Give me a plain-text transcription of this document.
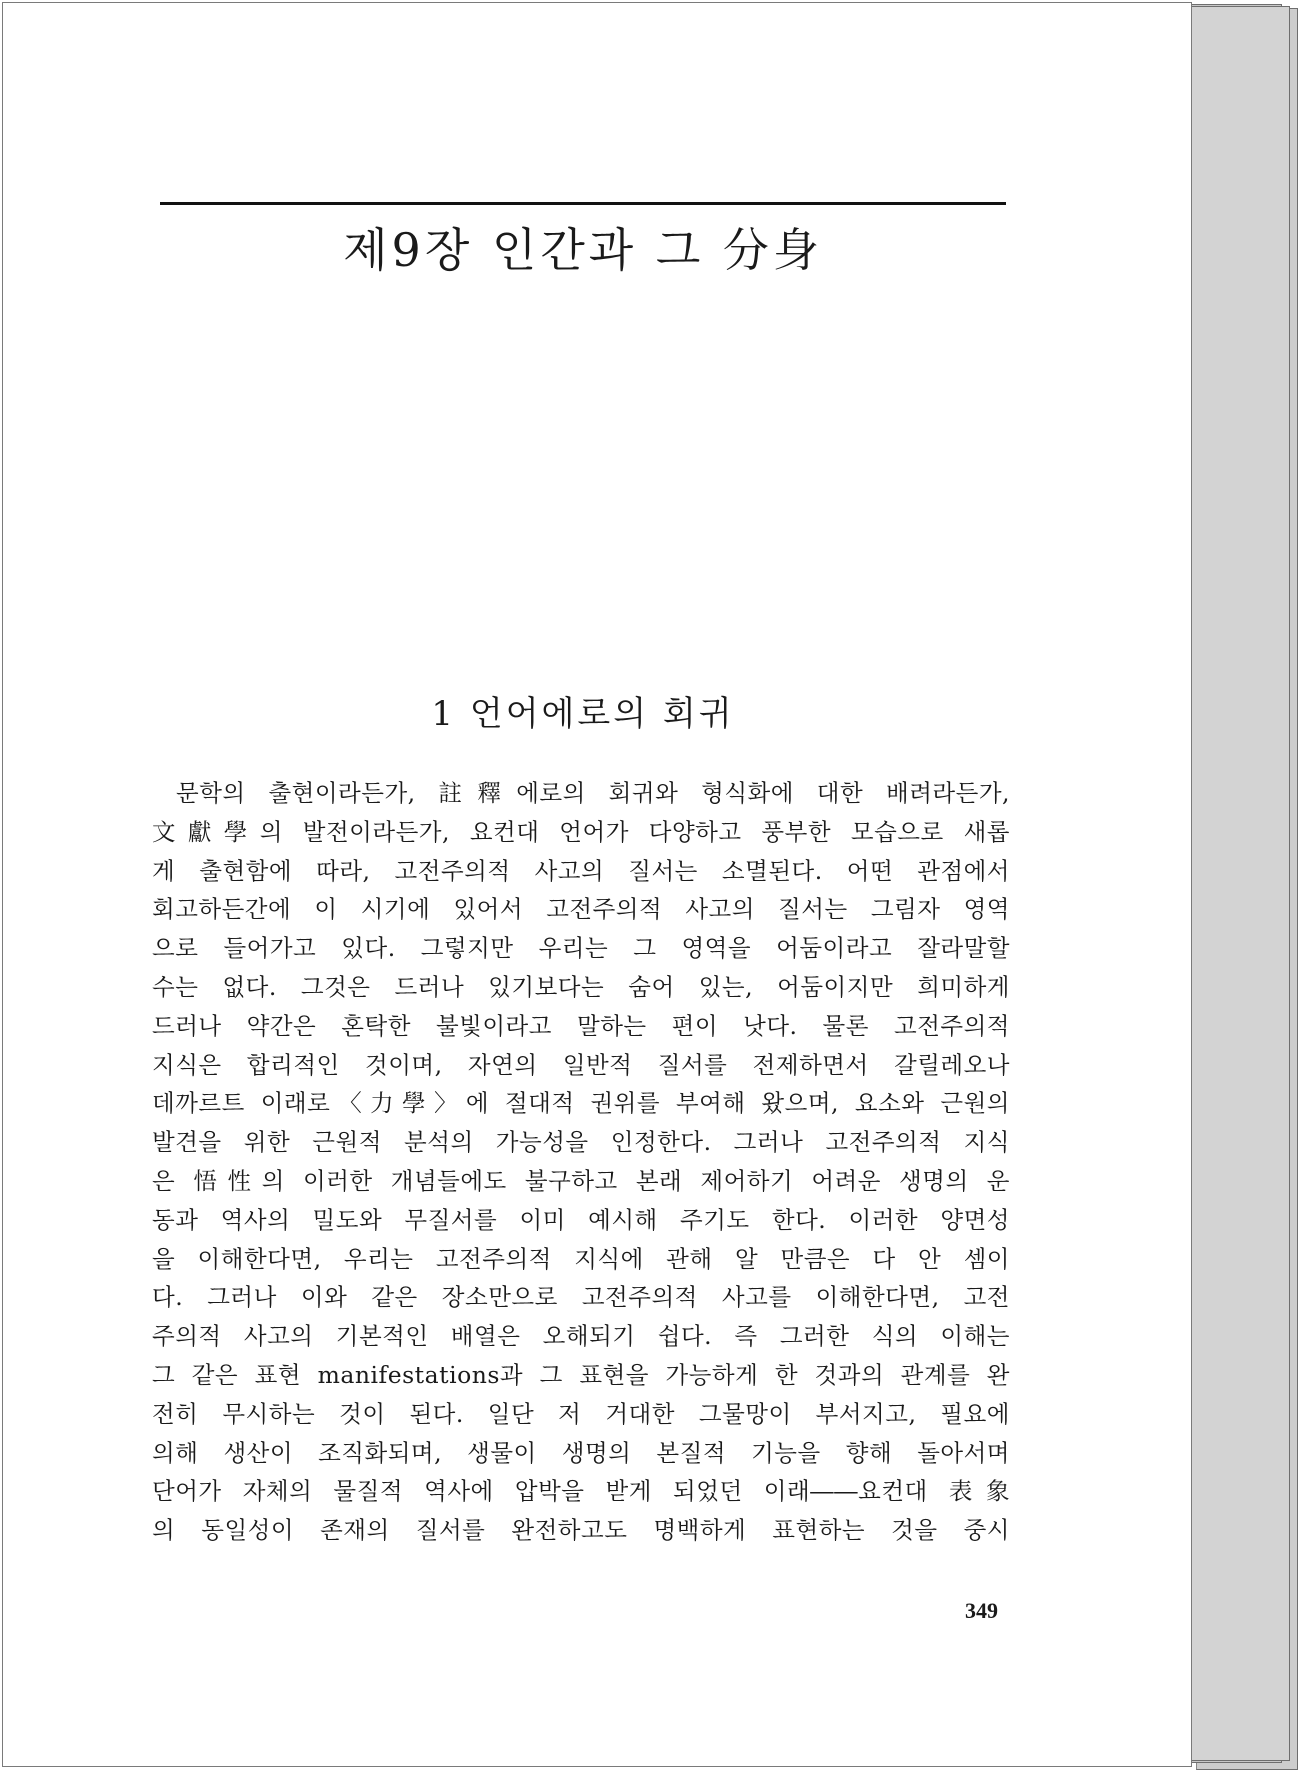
제9장 인간과 그 分身
1 언어에로의 회귀
문학의 출현이라든가, 註釋에로의 회귀와 형식화에 대한 배려라든가,
文獻學의 발전이라든가, 요컨대 언어가 다양하고 풍부한 모습으로 새롭
게 출현함에 따라, 고전주의적 사고의 질서는 소멸된다. 어떤 관점에서
회고하든간에 이 시기에 있어서 고전주의적 사고의 질서는 그림자 영역
으로 들어가고 있다. 그렇지만 우리는 그 영역을 어둠이라고 잘라말할
수는 없다. 그것은 드러나 있기보다는 숨어 있는, 어둠이지만 희미하게
드러나 약간은 혼탁한 불빛이라고 말하는 편이 낫다. 물론 고전주의적
지식은 합리적인 것이며, 자연의 일반적 질서를 전제하면서 갈릴레오나
데까르트 이래로〈力學〉에 절대적 권위를 부여해 왔으며, 요소와 근원의
발견을 위한 근원적 분석의 가능성을 인정한다. 그러나 고전주의적 지식
은 悟性의 이러한 개념들에도 불구하고 본래 제어하기 어려운 생명의 운
동과 역사의 밀도와 무질서를 이미 예시해 주기도 한다. 이러한 양면성
을 이해한다면, 우리는 고전주의적 지식에 관해 알 만큼은 다 안 셈이
다. 그러나 이와 같은 장소만으로 고전주의적 사고를 이해한다면, 고전
주의적 사고의 기본적인 배열은 오해되기 쉽다. 즉 그러한 식의 이해는
그 같은 표현 manifestations과 그 표현을 가능하게 한 것과의 관계를 완
전히 무시하는 것이 된다. 일단 저 거대한 그물망이 부서지고, 필요에
의해 생산이 조직화되며, 생물이 생명의 본질적 기능을 향해 돌아서며
단어가 자체의 물질적 역사에 압박을 받게 되었던 이래――요컨대 表象
의 동일성이 존재의 질서를 완전하고도 명백하게 표현하는 것을 중시
349
